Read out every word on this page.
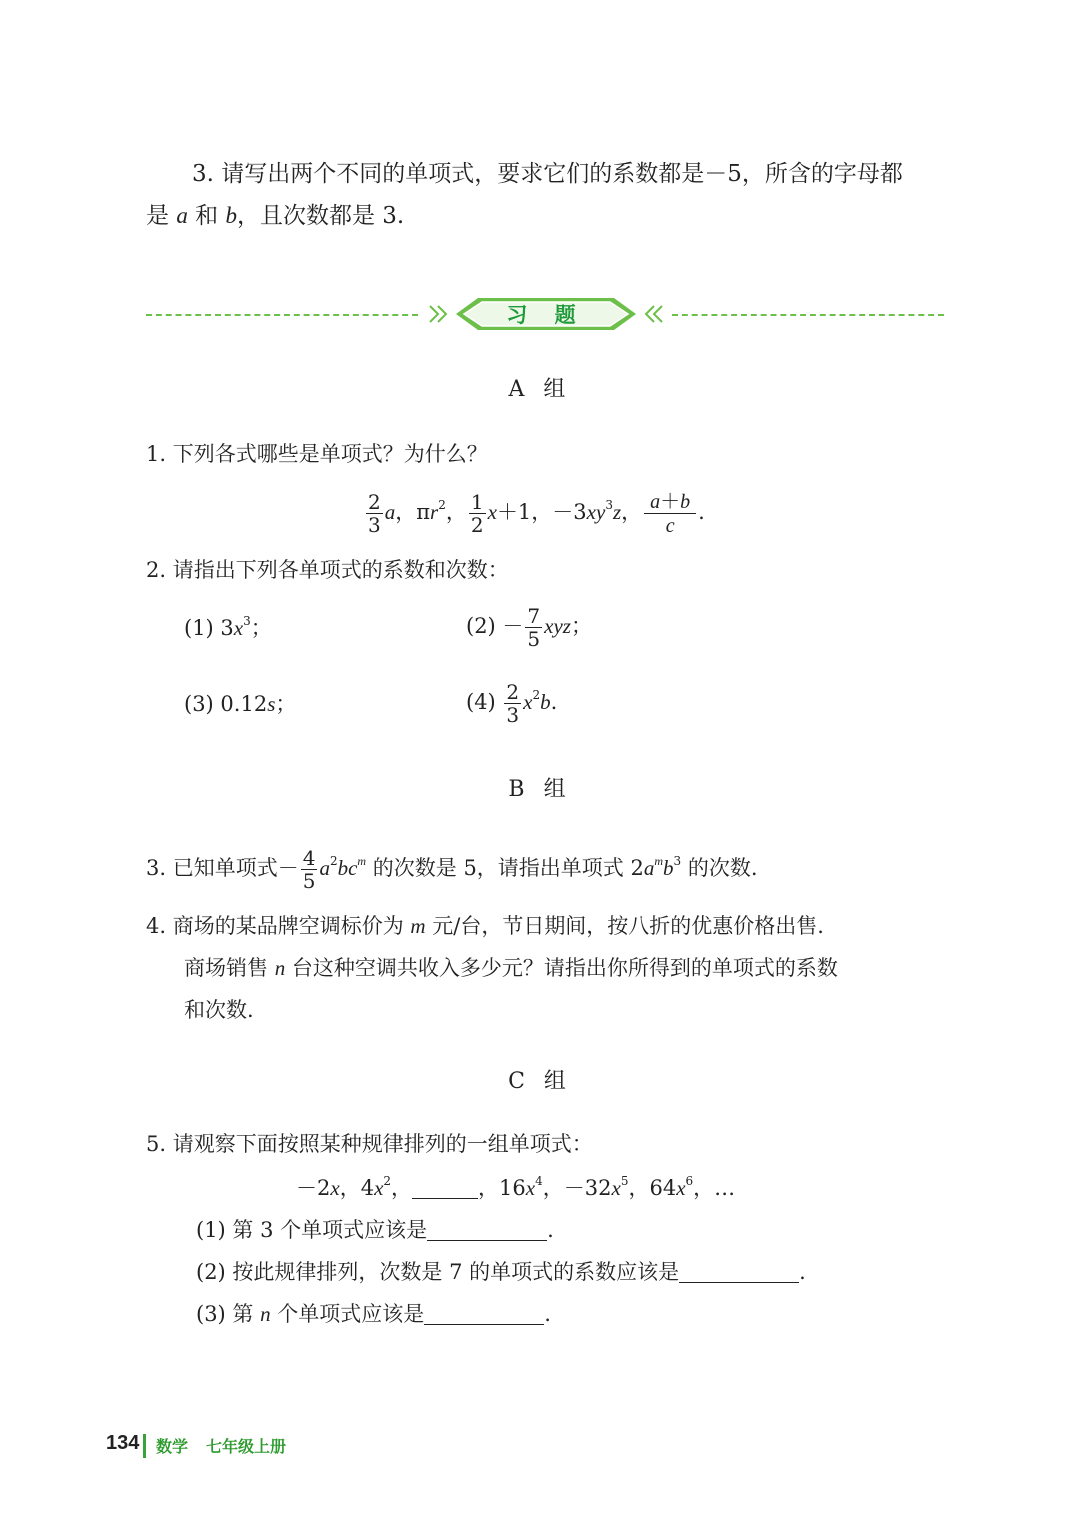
3. 请写出两个不同的单项式，要求它们的系数都是－5，所含的字母都
是 a 和 b，且次数都是 3.
习 题
A 组
1. 下列各式哪些是单项式？为什么？
$\frac{2}{3}$ a，$\pi r^2$， $\frac{1}{2} x+1$，$-3xy^3z$， $\frac{a+b}{c}$ .
2. 请指出下列各单项式的系数和次数：
(1) $3x^3$；	$(2) - \frac{7}{5}$ xyz；
(3) 0.12s；	$(4) \frac{2}{3} x^2b$.
B 组
3. 已知单项式－ $\frac{4}{5} a^2bc^m$ 的次数是 5，请指出单项式 $2a^mb^3$ 的次数.
4. 商场的某品牌空调标价为 m 元/台，节日期间，按八折的优惠价格出售.
商场销售 n 台这种空调共收入多少元？请指出你所得到的单项式的系数
和次数.
C 组
5. 请观察下面按照某种规律排列的一组单项式：
－2x，$4x^2$，	，$16x^4$，$-32x^5$，$64x^6$，…
(1) 第 3 个单项式应该是	.
(2) 按此规律排列，次数是 7 的单项式的系数应该是	.
(3) 第 n 个单项式应该是	.
134 数学 七年级上册
